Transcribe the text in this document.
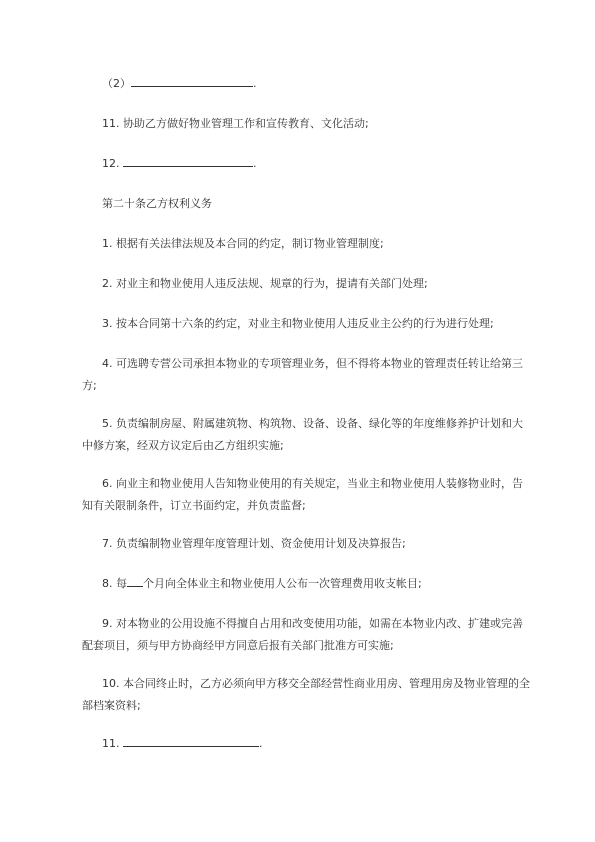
（2）	.
11. 协助乙方做好物业管理工作和宣传教育、文化活动;
12.	.
第二十条乙方权利义务
1. 根据有关法律法规及本合同的约定，制订物业管理制度;
2. 对业主和物业使用人违反法规、规章的行为，提请有关部门处理;
3. 按本合同第十六条的约定，对业主和物业使用人违反业主公约的行为进行处理;
4. 可选聘专营公司承担本物业的专项管理业务，但不得将本物业的管理责任转让给第三方;
5. 负责编制房屋、附属建筑物、构筑物、设备、设备、绿化等的年度维修养护计划和大中修方案，经双方议定后由乙方组织实施;
6. 向业主和物业使用人告知物业使用的有关规定，当业主和物业使用人装修物业时，告知有关限制条件，订立书面约定，并负责监督;
7. 负责编制物业管理年度管理计划、资金使用计划及决算报告;
8. 每 个月向全体业主和物业使用人公布一次管理费用收支帐目;
9. 对本物业的公用设施不得擅自占用和改变使用功能，如需在本物业内改、扩建或完善配套项目，须与甲方协商经甲方同意后报有关部门批准方可实施;
10. 本合同终止时，乙方必须向甲方移交全部经营性商业用房、管理用房及物业管理的全部档案资料;
11.	.
